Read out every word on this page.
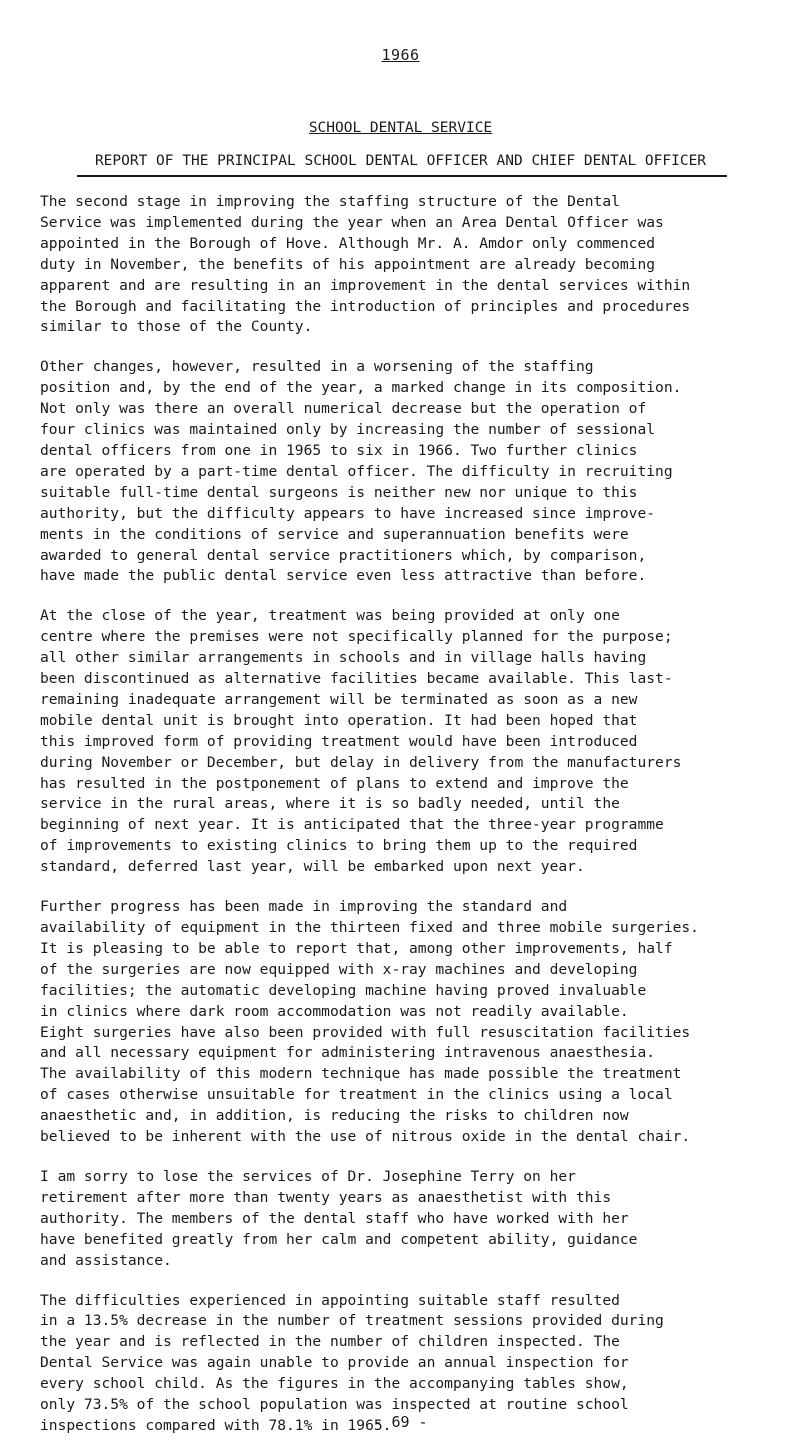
1966
SCHOOL DENTAL SERVICE
REPORT OF THE PRINCIPAL SCHOOL DENTAL OFFICER AND CHIEF DENTAL OFFICER

The second stage in improving the staffing structure of the Dental
Service was implemented during the year when an Area Dental Officer was
appointed in the Borough of Hove. Although Mr. A. Amdor only commenced
duty in November, the benefits of his appointment are already becoming
apparent and are resulting in an improvement in the dental services within
the Borough and facilitating the introduction of principles and procedures
similar to those of the County.

Other changes, however, resulted in a worsening of the staffing
position and, by the end of the year, a marked change in its composition.
Not only was there an overall numerical decrease but the operation of
four clinics was maintained only by increasing the number of sessional
dental officers from one in 1965 to six in 1966. Two further clinics
are operated by a part-time dental officer. The difficulty in recruiting
suitable full-time dental surgeons is neither new nor unique to this
authority, but the difficulty appears to have increased since improve-
ments in the conditions of service and superannuation benefits were
awarded to general dental service practitioners which, by comparison,
have made the public dental service even less attractive than before.

At the close of the year, treatment was being provided at only one
centre where the premises were not specifically planned for the purpose;
all other similar arrangements in schools and in village halls having
been discontinued as alternative facilities became available. This last-
remaining inadequate arrangement will be terminated as soon as a new
mobile dental unit is brought into operation. It had been hoped that
this improved form of providing treatment would have been introduced
during November or December, but delay in delivery from the manufacturers
has resulted in the postponement of plans to extend and improve the
service in the rural areas, where it is so badly needed, until the
beginning of next year. It is anticipated that the three-year programme
of improvements to existing clinics to bring them up to the required
standard, deferred last year, will be embarked upon next year.

Further progress has been made in improving the standard and
availability of equipment in the thirteen fixed and three mobile surgeries.
It is pleasing to be able to report that, among other improvements, half
of the surgeries are now equipped with x-ray machines and developing
facilities; the automatic developing machine having proved invaluable
in clinics where dark room accommodation was not readily available.
Eight surgeries have also been provided with full resuscitation facilities
and all necessary equipment for administering intravenous anaesthesia.
The availability of this modern technique has made possible the treatment
of cases otherwise unsuitable for treatment in the clinics using a local
anaesthetic and, in addition, is reducing the risks to children now
believed to be inherent with the use of nitrous oxide in the dental chair.

I am sorry to lose the services of Dr. Josephine Terry on her
retirement after more than twenty years as anaesthetist with this
authority. The members of the dental staff who have worked with her
have benefited greatly from her calm and competent ability, guidance
and assistance.

The difficulties experienced in appointing suitable staff resulted
in a 13.5% decrease in the number of treatment sessions provided during
the year and is reflected in the number of children inspected. The
Dental Service was again unable to provide an annual inspection for
every school child. As the figures in the accompanying tables show,
only 73.5% of the school population was inspected at routine school
inspections compared with 78.1% in 1965.

- 69 -
